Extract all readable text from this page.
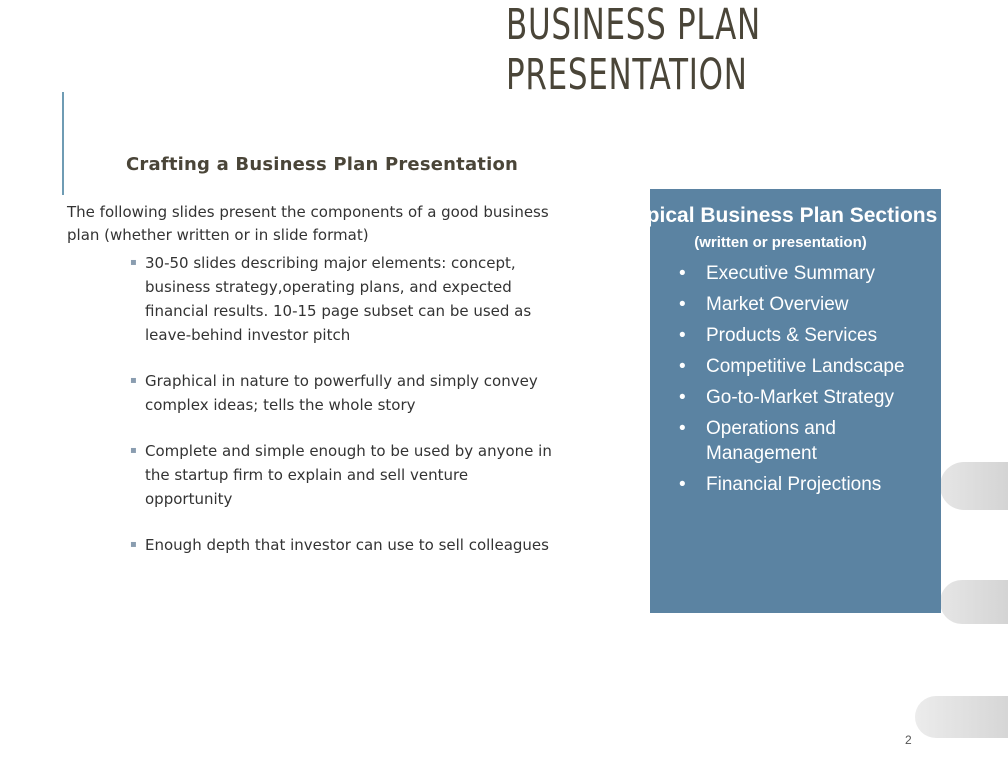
BUSINESS PLAN
PRESENTATION
Crafting a Business Plan Presentation
The following slides present the components of a good business plan (whether written or in slide format)
▪ 30-50 slides describing major elements: concept, business strategy,operating plans, and expected financial results. 10-15 page subset can be used as leave-behind investor pitch
▪ Graphical in nature to powerfully and simply convey complex ideas; tells the whole story
▪ Complete and simple enough to be used by anyone in the startup firm to explain and sell venture opportunity
▪ Enough depth that investor can use to sell colleagues
Typical Business Plan Sections
(written or presentation)
• Executive Summary
• Market Overview
• Products & Services
• Competitive Landscape
• Go-to-Market Strategy
• Operations and Management
• Financial Projections
2
